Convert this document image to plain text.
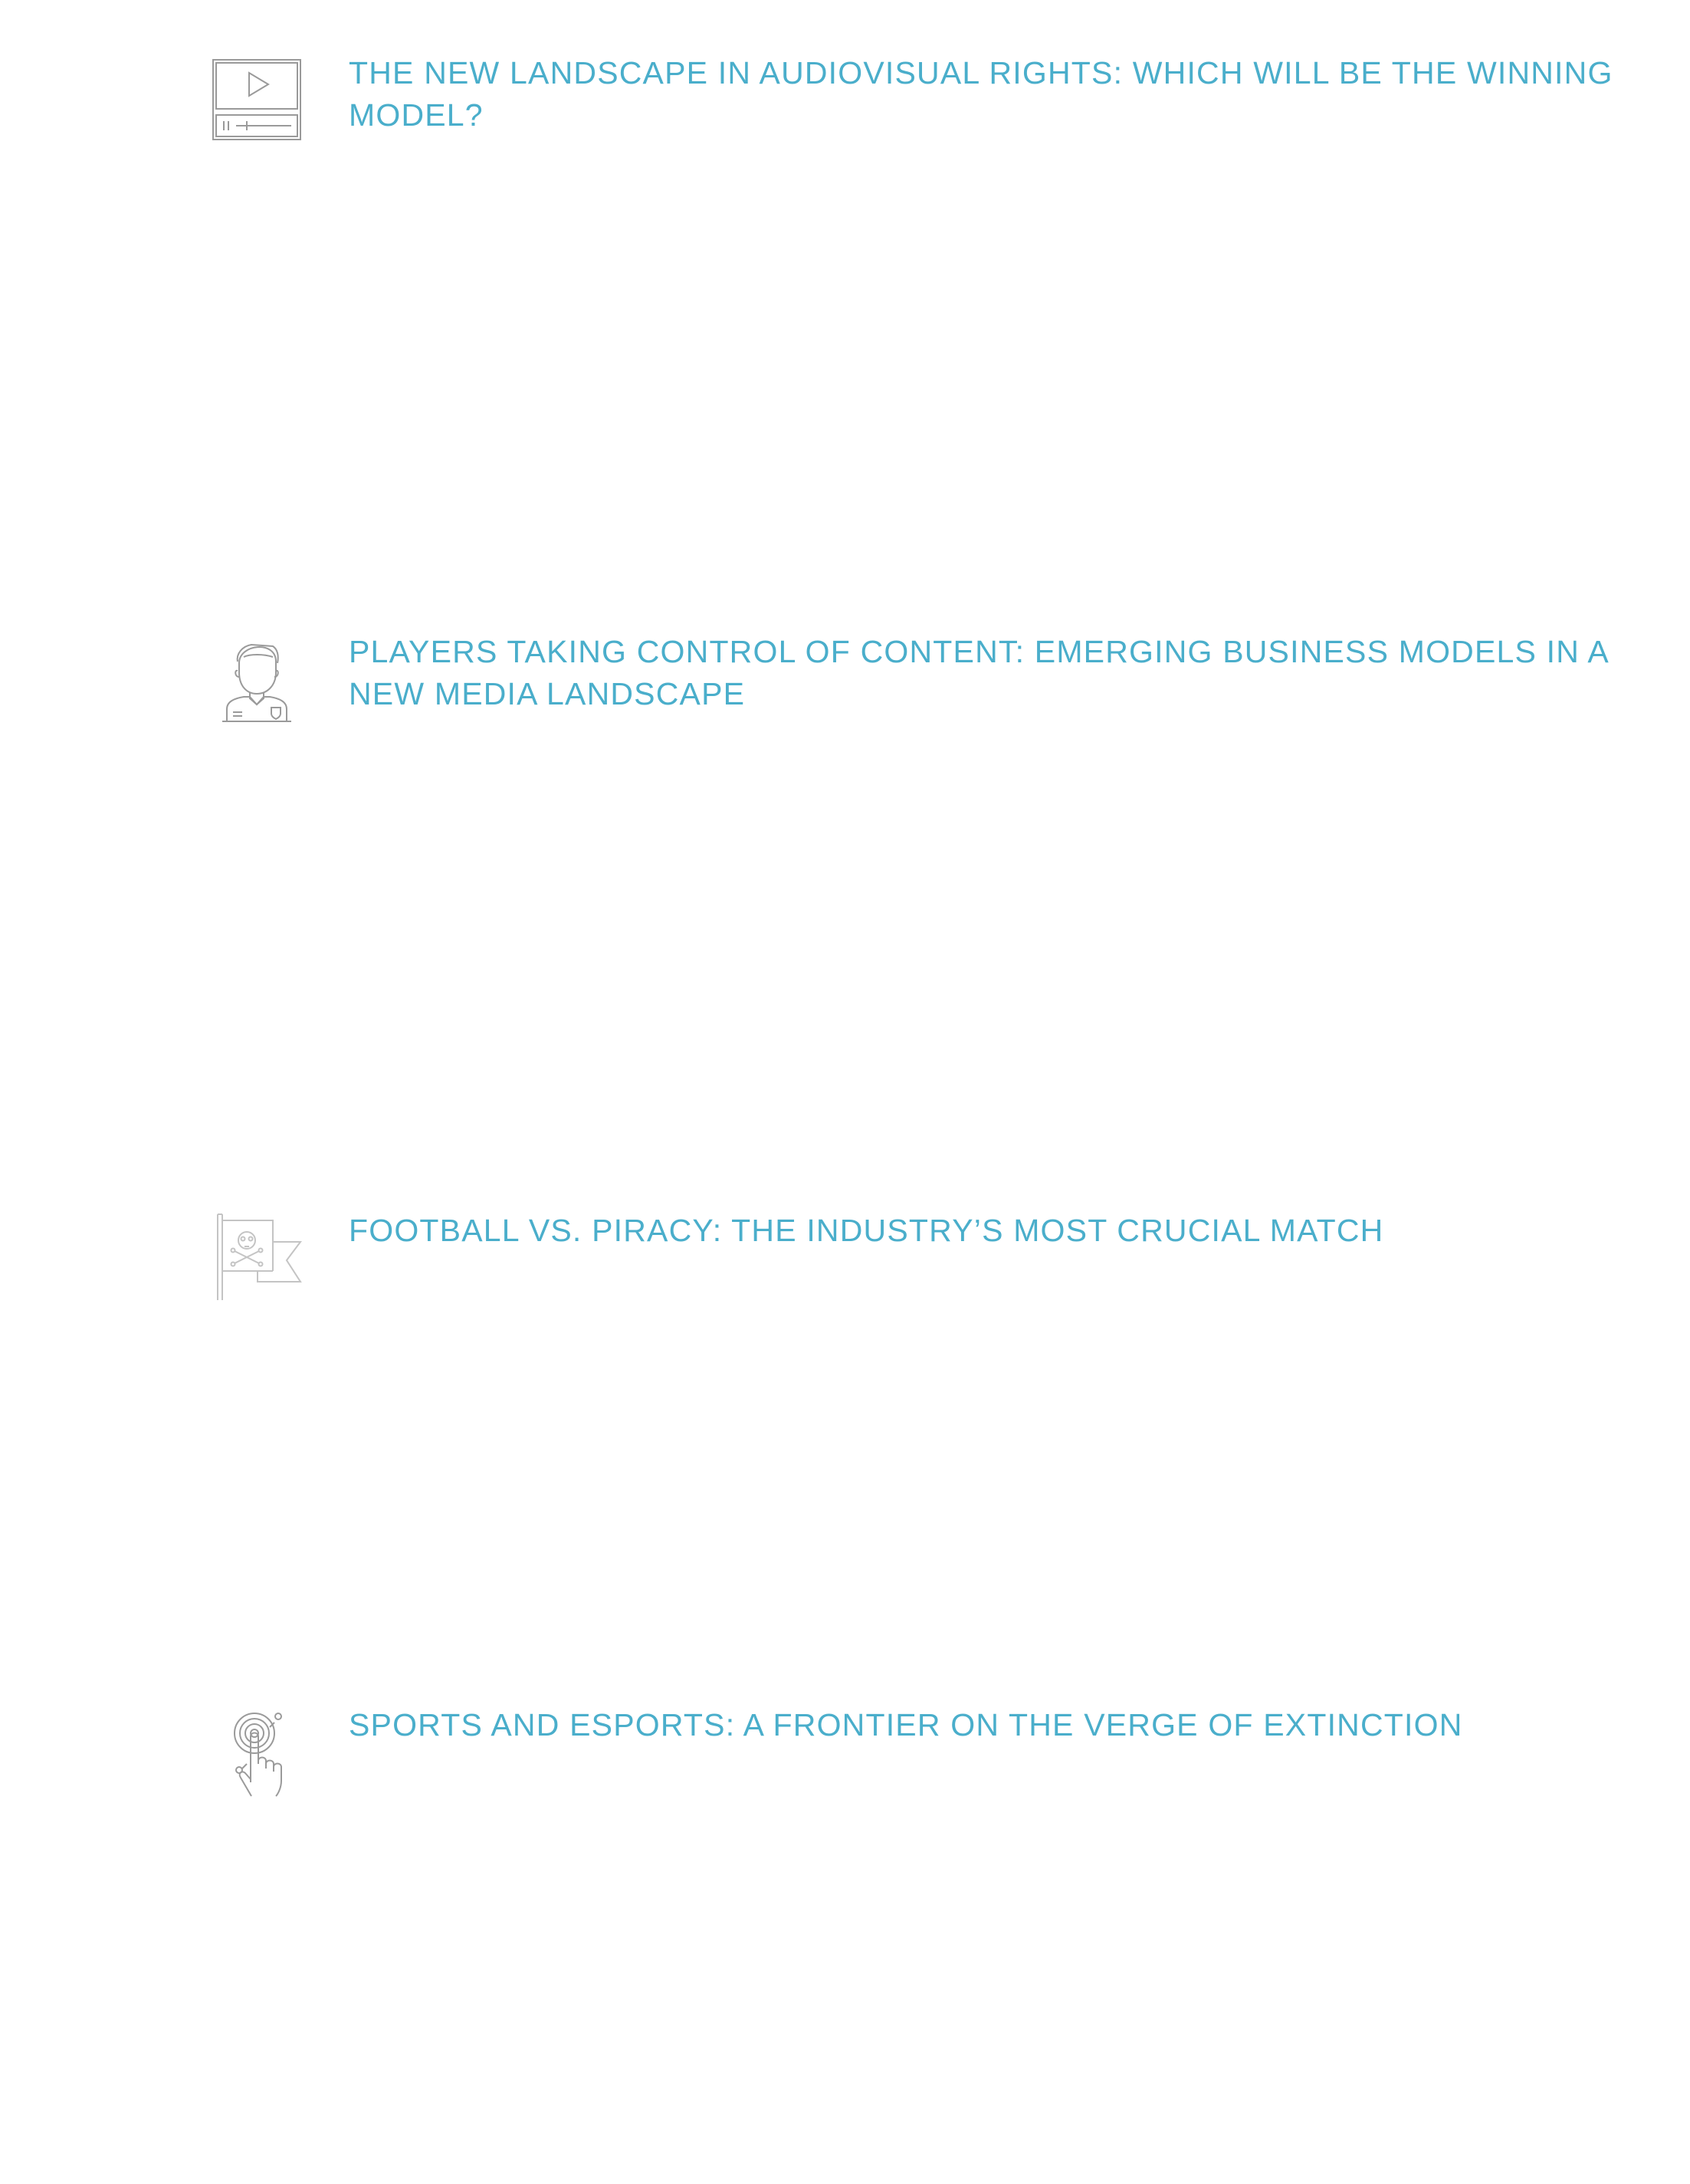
THE NEW LANDSCAPE IN AUDIOVISUAL RIGHTS: WHICH WILL BE THE WINNING MODEL?
PLAYERS TAKING CONTROL OF CONTENT: EMERGING BUSINESS MODELS IN A NEW MEDIA LANDSCAPE
FOOTBALL VS. PIRACY: THE INDUSTRY’S MOST CRUCIAL MATCH
SPORTS AND ESPORTS: A FRONTIER ON THE VERGE OF EXTINCTION
